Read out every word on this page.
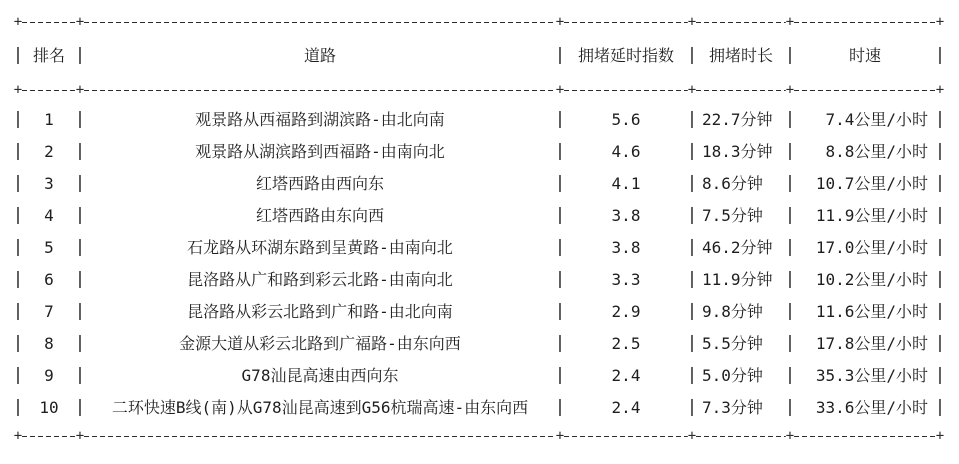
+
+
+
+
+ +
| 排名	| 道路	| 拥堵延时指数	| 拥堵时长	| 时速 |
+
+
+
+
+ +
| 1	| 观景路从西福路到湖滨路-由北向南	| 5.6	| 22.7分钟	| 7.4公里/小时 |
| 2	| 观景路从湖滨路到西福路-由南向北	| 4.6	| 18.3分钟	| 8.8公里/小时 |
| 3	| 红塔西路由西向东	| 4.1	| 8.6分钟	| 10.7公里/小时 |
| 4	| 红塔西路由东向西	| 3.8	| 7.5分钟	| 11.9公里/小时 |
| 5	| 石龙路从环湖东路到呈黄路-由南向北	| 3.8	| 46.2分钟	| 17.0公里/小时 |
| 6	| 昆洛路从广和路到彩云北路-由南向北	| 3.3	| 11.9分钟	| 10.2公里/小时 |
| 7	| 昆洛路从彩云北路到广和路-由北向南	| 2.9	| 9.8分钟	| 11.6公里/小时 |
| 8	| 金源大道从彩云北路到广福路-由东向西	| 2.5	| 5.5分钟	| 17.8公里/小时 |
| 9	| G78汕昆高速由西向东	| 2.4	| 5.0分钟	| 35.3公里/小时 |
| 10	| 二环快速B线(南)从G78汕昆高速到G56杭瑞高速-由东向西	| 2.4	| 7.3分钟	| 33.6公里/小时 |
+
+
+
+
+ +
